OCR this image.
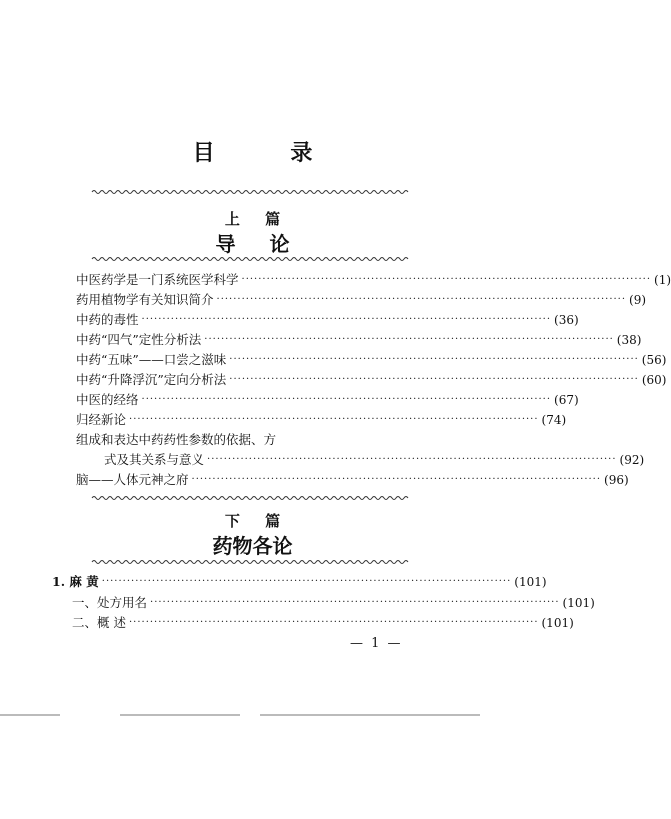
目 录
上 篇
导论
中医药学是一门系统医学科学 ·································································································· (1)
药用植物学有关知识简介 ·································································································· (9)
中药的毒性 ·································································································· (36)
中药“四气”定性分析法 ·································································································· (38)
中药“五味”——口尝之滋味 ·································································································· (56)
中药“升降浮沉”定向分析法 ·································································································· (60)
中医的经络 ·································································································· (67)
归经新论 ·································································································· (74)
组成和表达中药药性参数的依据、方
式及其关系与意义 ·································································································· (92)
脑——人体元神之府 ·································································································· (96)
下 篇
药物各论
1. 麻 黄 ·································································································· (101)
一、处方用名 ·································································································· (101)
二、概 述 ·································································································· (101)
— 1 —
